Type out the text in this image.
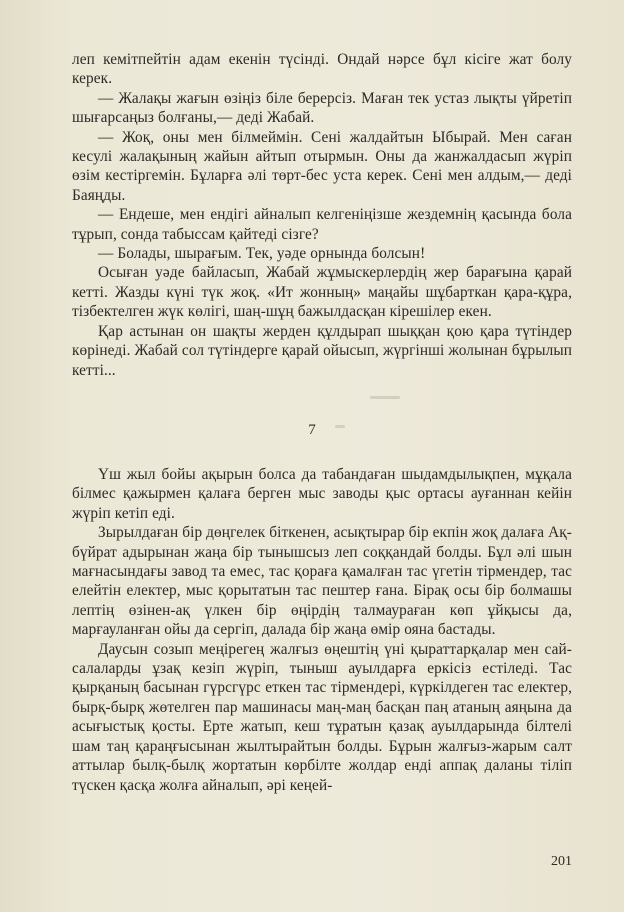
леп кемітпейтін адам екенін түсінді. Ондай нәрсе бұл кісіге жат болу керек.

— Жалақы жағын өзіңіз біле берерсіз. Маған тек устаз лықты үйретіп шығарсаңыз болғаны,— деді Жабай.

— Жоқ, оны мен білмеймін. Сені жалдайтын Ыбырай. Мен саған кесулі жалақының жайын айтып отырмын. Оны да жанжалдасып жүріп өзім кестіргемін. Бұларға әлі төрт-бес уста керек. Сені мен алдым,— деді Баяңды.

— Ендеше, мен ендігі айналып келгеніңізше жездемнің қасында бола тұрып, сонда табыссам қайтеді сізге?

— Болады, шырағым. Тек, уәде орнында болсын!

Осыған уәде байласып, Жабай жұмыскерлердің жер барағына қарай кетті. Жазды күні түк жоқ. «Ит жонның» маңайы шұбарткан қара-құра, тізбектелген жүк көлігі, шаң-шұң бажылдасқан кірешілер екен.

Қар астынан он шақты жерден құлдырап шыққан қою қара түтіндер көрінеді. Жабай сол түтіндерге қарай ойысып, жүргінші жолынан бұрылып кетті...

7

Үш жыл бойы ақырын болса да табандаған шыдамдылықпен, мұқала білмес қажырмен қалаға берген мыс заводы қыс ортасы ауғаннан кейін жүріп кетіп еді.

Зырылдаған бір дөңгелек біткенен, асықтырар бір екпін жоқ далаға Ақ-бүйрат адырынан жаңа бір тынышсыз леп соққандай болды. Бұл әлі шын мағнасындағы завод та емес, тас қораға қамалған тас үгетін тірмендер, тас елейтін електер, мыс қорытатын тас пештер ғана. Бірақ осы бір болмашы лептің өзінен-ақ үлкен бір өңірдің талмаураған көп ұйқысы да, марғауланған ойы да сергіп, далада бір жаңа өмір ояна бастады.

Даусын созып меңірегең жалғыз өңештің үні қыраттарқалар мен сай-салаларды ұзақ кезіп жүріп, тыныш ауылдарға еркісіз естіледі. Тас қырқаның басынан гүрсгүрс еткен тас тірмендері, күркілдеген тас електер, бырқ-бырқ жөтелген пар машинасы маң-маң басқан паң атаның аяңына да асығыстық қосты. Ерте жатып, кеш тұратын қазақ ауылдарында білтелі шам таң қараңғысынан жылтырайтын болды. Бұрын жалғыз-жарым салт аттылар былқ-былқ жортатын көрбілте жолдар енді аппақ даланы тіліп түскен қасқа жолға айналып, әрі кеңей-

201
